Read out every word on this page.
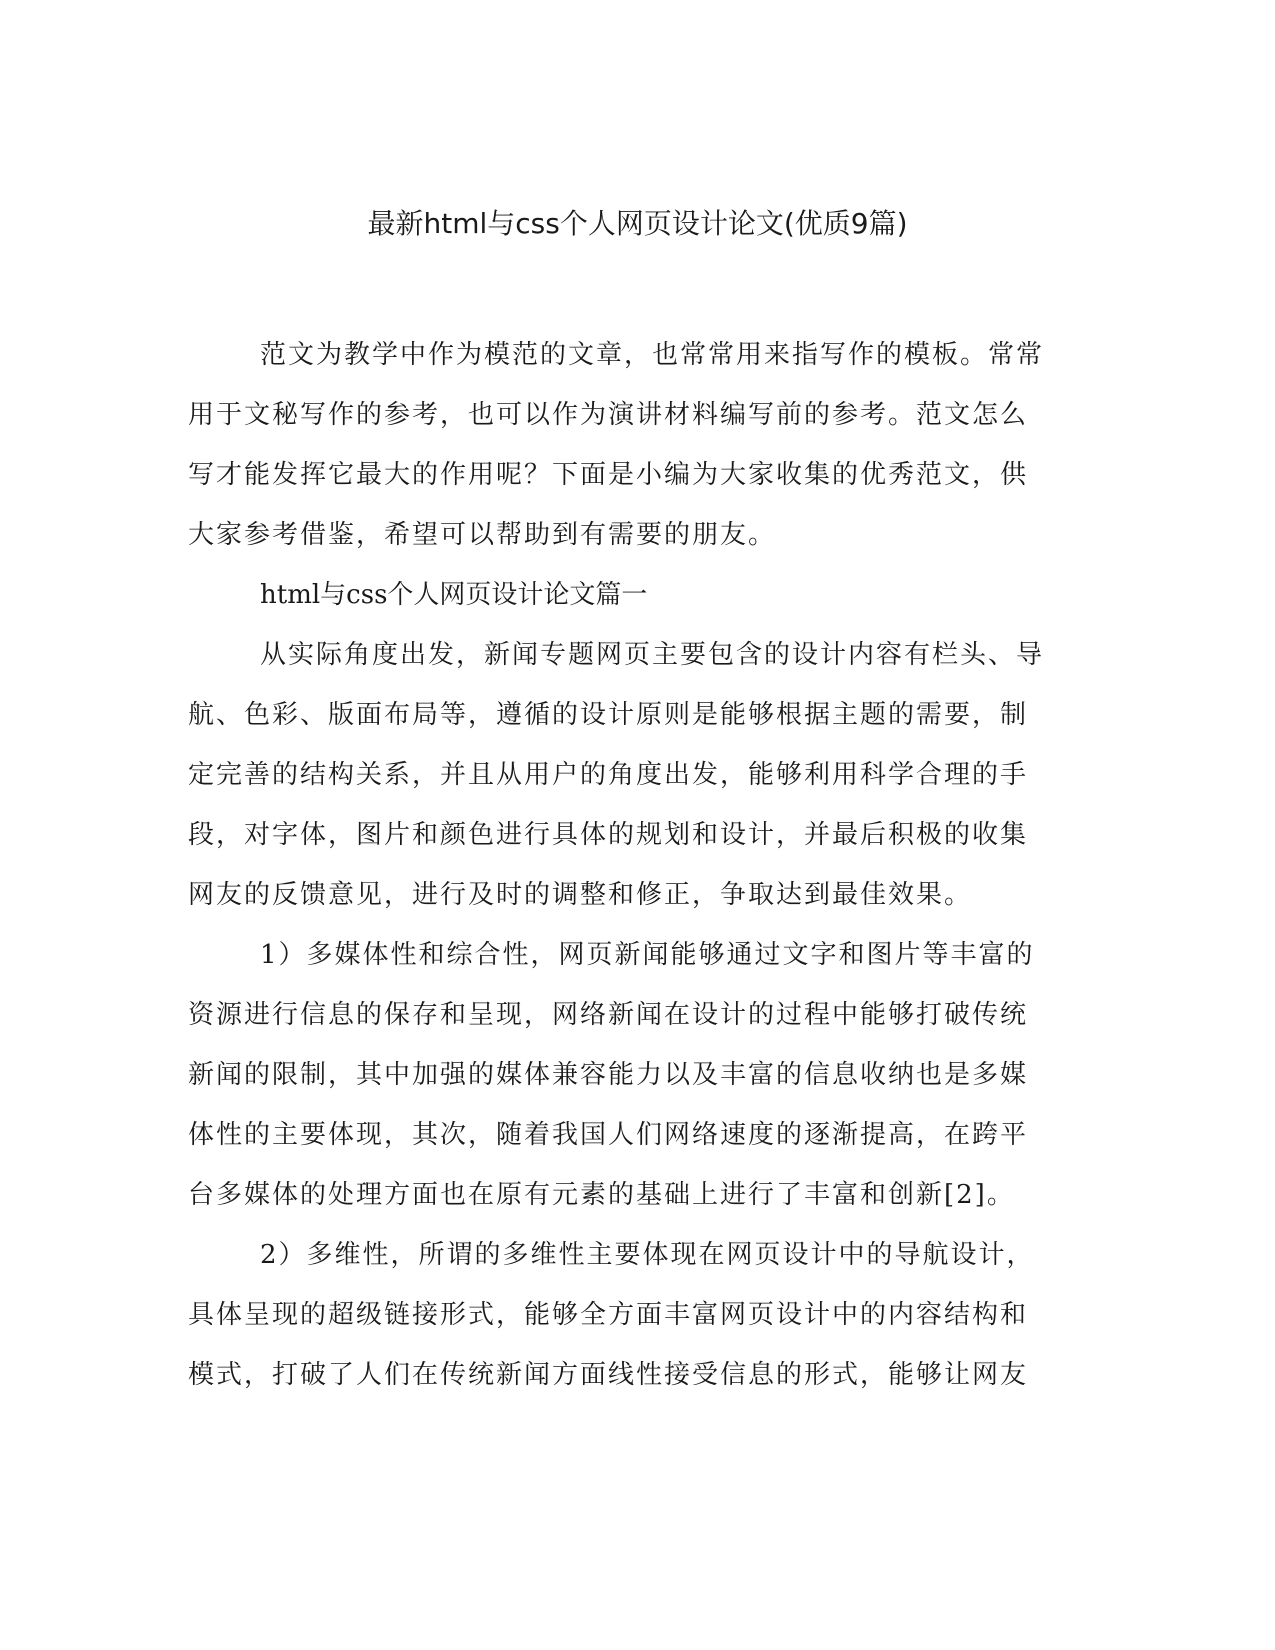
最新html与css个人网页设计论文(优质9篇)

范文为教学中作为模范的文章，也常常用来指写作的模板。常常
用于文秘写作的参考，也可以作为演讲材料编写前的参考。范文怎么
写才能发挥它最大的作用呢？下面是小编为大家收集的优秀范文，供
大家参考借鉴，希望可以帮助到有需要的朋友。

html与css个人网页设计论文篇一

从实际角度出发，新闻专题网页主要包含的设计内容有栏头、导
航、色彩、版面布局等，遵循的设计原则是能够根据主题的需要，制
定完善的结构关系，并且从用户的角度出发，能够利用科学合理的手
段，对字体，图片和颜色进行具体的规划和设计，并最后积极的收集
网友的反馈意见，进行及时的调整和修正，争取达到最佳效果。

1）多媒体性和综合性，网页新闻能够通过文字和图片等丰富的
资源进行信息的保存和呈现，网络新闻在设计的过程中能够打破传统
新闻的限制，其中加强的媒体兼容能力以及丰富的信息收纳也是多媒
体性的主要体现，其次，随着我国人们网络速度的逐渐提高，在跨平
台多媒体的处理方面也在原有元素的基础上进行了丰富和创新[2]。

2）多维性，所谓的多维性主要体现在网页设计中的导航设计，
具体呈现的超级链接形式，能够全方面丰富网页设计中的内容结构和
模式，打破了人们在传统新闻方面线性接受信息的形式，能够让网友
